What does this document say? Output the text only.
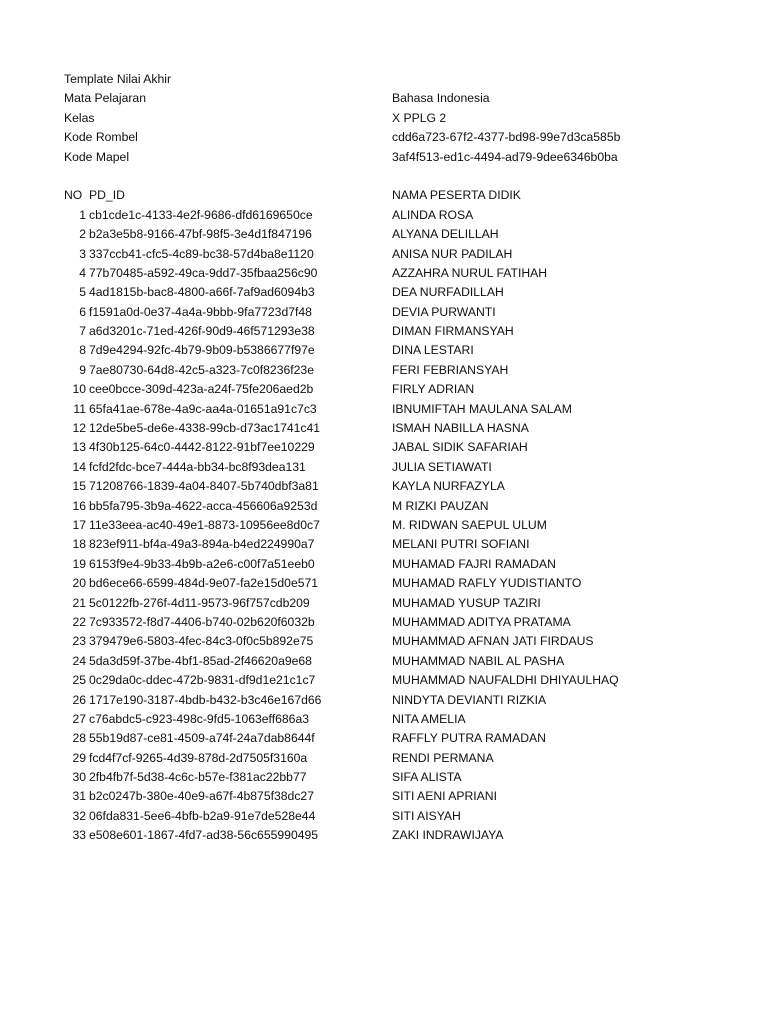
Template Nilai Akhir
Mata Pelajaran	Bahasa Indonesia
Kelas	X PPLG 2
Kode Rombel	cdd6a723-67f2-4377-bd98-99e7d3ca585b
Kode Mapel	3af4f513-ed1c-4494-ad79-9dee6346b0ba
NO PD_ID	NAMA PESERTA DIDIK
1 cb1cde1c-4133-4e2f-9686-dfd6169650ce	ALINDA ROSA
2 b2a3e5b8-9166-47bf-98f5-3e4d1f847196	ALYANA DELILLAH
3 337ccb41-cfc5-4c89-bc38-57d4ba8e1120	ANISA NUR PADILAH
4 77b70485-a592-49ca-9dd7-35fbaa256c90	AZZAHRA NURUL FATIHAH
5 4ad1815b-bac8-4800-a66f-7af9ad6094b3	DEA NURFADILLAH
6 f1591a0d-0e37-4a4a-9bbb-9fa7723d7f48	DEVIA PURWANTI
7 a6d3201c-71ed-426f-90d9-46f571293e38	DIMAN FIRMANSYAH
8 7d9e4294-92fc-4b79-9b09-b5386677f97e	DINA LESTARI
9 7ae80730-64d8-42c5-a323-7c0f8236f23e	FERI FEBRIANSYAH
10 cee0bcce-309d-423a-a24f-75fe206aed2b	FIRLY ADRIAN
11 65fa41ae-678e-4a9c-aa4a-01651a91c7c3	IBNUMIFTAH MAULANA SALAM
12 12de5be5-de6e-4338-99cb-d73ac1741c41	ISMAH NABILLA HASNA
13 4f30b125-64c0-4442-8122-91bf7ee10229	JABAL SIDIK SAFARIAH
14 fcfd2fdc-bce7-444a-bb34-bc8f93dea131	JULIA SETIAWATI
15 71208766-1839-4a04-8407-5b740dbf3a81	KAYLA NURFAZYLA
16 bb5fa795-3b9a-4622-acca-456606a9253d	M RIZKI PAUZAN
17 11e33eea-ac40-49e1-8873-10956ee8d0c7	M. RIDWAN SAEPUL ULUM
18 823ef911-bf4a-49a3-894a-b4ed224990a7	MELANI PUTRI SOFIANI
19 6153f9e4-9b33-4b9b-a2e6-c00f7a51eeb0	MUHAMAD FAJRI RAMADAN
20 bd6ece66-6599-484d-9e07-fa2e15d0e571	MUHAMAD RAFLY YUDISTIANTO
21 5c0122fb-276f-4d11-9573-96f757cdb209	MUHAMAD YUSUP TAZIRI
22 7c933572-f8d7-4406-b740-02b620f6032b	MUHAMMAD ADITYA PRATAMA
23 379479e6-5803-4fec-84c3-0f0c5b892e75	MUHAMMAD AFNAN JATI FIRDAUS
24 5da3d59f-37be-4bf1-85ad-2f46620a9e68	MUHAMMAD NABIL AL PASHA
25 0c29da0c-ddec-472b-9831-df9d1e21c1c7	MUHAMMAD NAUFALDHI DHIYAULHAQ
26 1717e190-3187-4bdb-b432-b3c46e167d66	NINDYTA DEVIANTI RIZKIA
27 c76abdc5-c923-498c-9fd5-1063eff686a3	NITA AMELIA
28 55b19d87-ce81-4509-a74f-24a7dab8644f	RAFFLY PUTRA RAMADAN
29 fcd4f7cf-9265-4d39-878d-2d7505f3160a	RENDI PERMANA
30 2fb4fb7f-5d38-4c6c-b57e-f381ac22bb77	SIFA ALISTA
31 b2c0247b-380e-40e9-a67f-4b875f38dc27	SITI AENI APRIANI
32 06fda831-5ee6-4bfb-b2a9-91e7de528e44	SITI AISYAH
33 e508e601-1867-4fd7-ad38-56c655990495	ZAKI INDRAWIJAYA
